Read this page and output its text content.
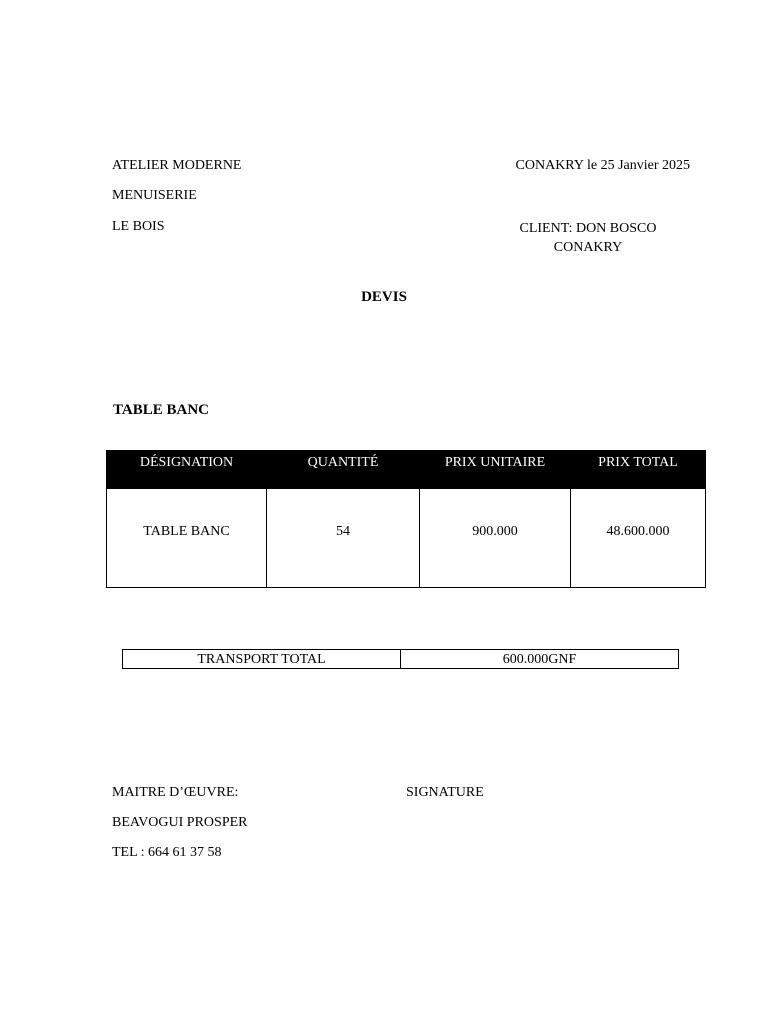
ATELIER MODERNE
MENUISERIE
LE BOIS
CONAKRY le 25 Janvier 2025
CLIENT: DON BOSCO
CONAKRY
DEVIS
TABLE BANC
DÉSIGNATION	QUANTITÉ	PRIX UNITAIRE	PRIX TOTAL
TABLE BANC	54	900.000	48.600.000
TRANSPORT TOTAL	600.000GNF
MAITRE D’ŒUVRE:	SIGNATURE
BEAVOGUI PROSPER
TEL : 664 61 37 58
